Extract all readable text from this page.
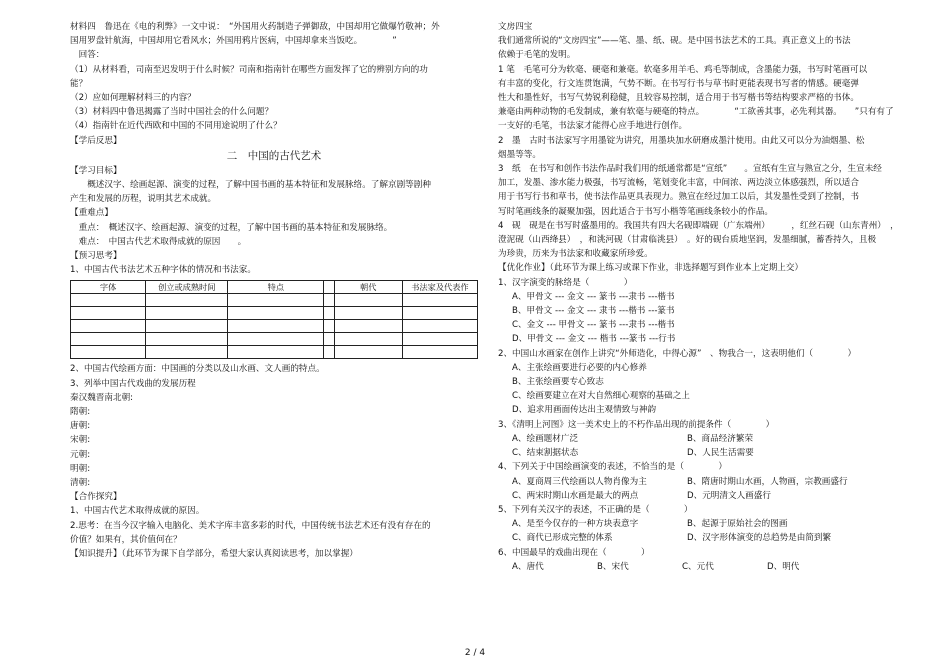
材料四　鲁迅在《电的利弊》一文中说：　“外国用火药制造子弹御敌，中国却用它做爆竹敬神；外
国用罗盘针航海，中国却用它看风水；外国用鸦片医病，中国却拿来当饭吃。　　　　”
　回答：
（1）从材料看，司南至迟发明于什么时候？司南和指南针在哪些方面发挥了它的辨别方向的功
能？
（2）应如何理解材料三的内容？
（3）材料四中鲁迅揭露了当时中国社会的什么问题？
（4）指南针在近代西欧和中国的不同用途说明了什么？
【学后反思】
二　中国的古代艺术
【学习目标】
　　概述汉字、绘画起源、演变的过程，了解中国书画的基本特征和发展脉络。了解京剧等剧种
产生和发展的历程，说明其艺术成就。
【重难点】
　重点：　概述汉字、绘画起源、演变的过程，了解中国书画的基本特征和发展脉络。
　难点：　中国古代艺术取得成就的原因　　。
【预习思考】
1、中国古代书法艺术五种字体的情况和书法家。
字体	创立或成熟时间	特点		朝代	书法家及代表作

2、中国古代绘画方面：中国画的分类以及山水画、文人画的特点。
3、列举中国古代戏曲的发展历程
秦汉魏晋南北朝:
隋朝:
唐朝:
宋朝:
元朝:
明朝:
清朝:
【合作探究】
1、中国古代艺术取得成就的原因。
2.思考：在当今汉字输入电脑化、美术字库丰富多彩的时代，中国传统书法艺术还有没有存在的
价值？如果有，其价值何在？
【知识提升】（此环节为课下自学部分，希望大家认真阅读思考，加以掌握）
文房四宝
我们通常所说的“文房四宝”——笔、墨、纸、砚。是中国书法艺术的工具。真正意义上的书法
依赖于毛笔的发明。
1 笔　毛笔可分为软毫、硬毫和兼毫。软毫多用羊毛、鸡毛等制成，含墨能力强，书写时笔画可以
有丰富的变化，行文连贯饱满，气势不断。在书写行书与草书时更能表现书写者的情感。硬毫弹
性大和墨性好，书写气势锐利稳健，且较容易控制，适合用于书写楷书等结构要求严格的书体。
兼毫由两种动物的毛发制成，兼有软毫与硬毫的特点。　　　　“工欲善其事，必先利其器。　　”只有有了
一支好的毛笔，书法家才能得心应手地进行创作。
2　墨　古时书法家写字用墨锭为讲究，用墨块加水研磨成墨汁使用。由此又可以分为油烟墨、松
烟墨等等。
3　纸　在书写和创作书法作品时我们用的纸通常都是“宣纸”　　。宣纸有生宣与熟宣之分，生宣未经
加工，发墨、渗水能力极强，书写流畅，笔划变化丰富，中间浓、两边淡立体感强烈，所以适合
用于书写行书和草书，使书法作品更具表现力。熟宣在经过加工以后，其发墨性受到了控制，书
写时笔画线条的凝聚加强，因此适合于书写小楷等笔画线条较小的作品。
4　砚　砚是在书写时盛墨用的。我国共有四大名砚即端砚（广东端州）　　　，红丝石砚（山东青州）　，
澄泥砚（山西绛县）　，和洮河砚（甘肃临洮县）　。好的砚台质地坚润，发墨细腻，蓄香持久，且极
为珍贵，历来为书法家和收藏家所珍爱。
【优化作业】（此环节为课上练习或课下作业，非选择题写到作业本上定期上交）
1、汉字演变的脉络是（　　　　）
A、甲骨文 --- 金文 --- 篆书 ---隶书 ---楷书
B、甲骨文 --- 金文 --- 隶书 ---楷书 ---篆书
C、金文 --- 甲骨文 --- 篆书 ---隶书 ---楷书
D、甲骨文 --- 金文 --- 楷书 ---篆书 ---行书
2、中国山水画家在创作上讲究“外师造化，中得心源”　、物我合一，这表明他们（　　　　）
A、主张绘画要进行必要的内心修养
B、主张绘画要专心致志
C、绘画要建立在对大自然细心观察的基础之上
D、追求用画面传达出主观情致与神韵
3、《清明上河图》这一美术史上的不朽作品出现的前提条件（　　　　）
A、绘画题材广泛	B、商品经济繁荣
C、结束割据状态	D、人民生活需要
4、下列关于中国绘画演变的表述，不恰当的是（　　　　）
A、夏商周三代绘画以人物肖像为主	B、隋唐时期山水画，人物画，宗教画盛行
C、两宋时期山水画是最大的两点	D、元明清文人画盛行
5、下列有关汉字的表述，不正确的是（　　　　）
A、是至今仅存的一种方块表意字	B、起源于原始社会的图画
C、商代已形成完整的体系	D、汉字形体演变的总趋势是由简到繁
6、中国最早的戏曲出现在（　　　　）
A、唐代	B、宋代	C、元代	D、明代
2 / 4
